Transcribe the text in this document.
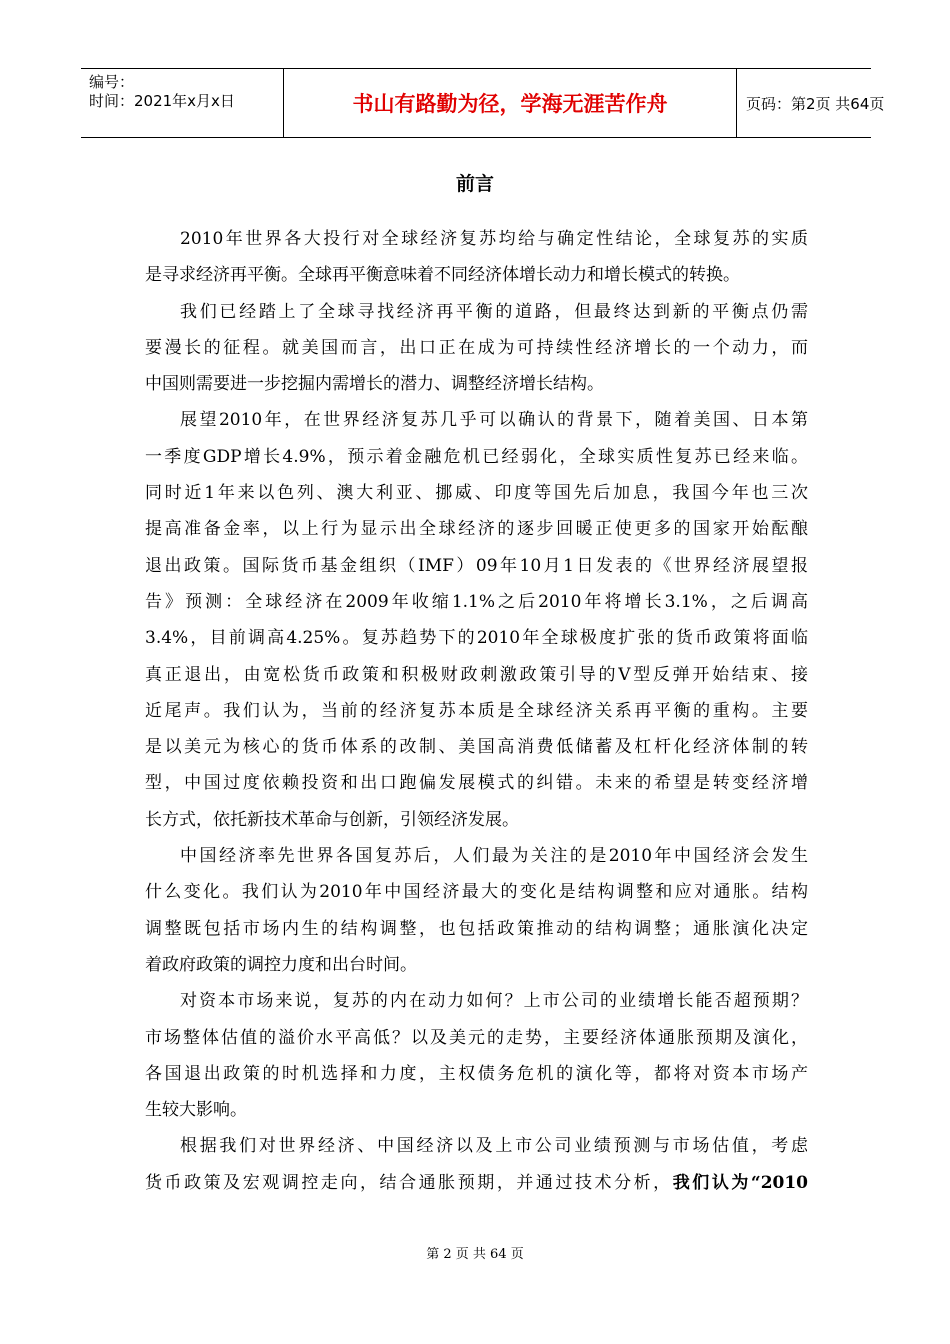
编号：
时间：2021年x月x日	书山有路勤为径，学海无涯苦作舟	页码：第2页 共64页
前言
2010年世界各大投行对全球经济复苏均给与确定性结论，全球复苏的实质
是寻求经济再平衡。全球再平衡意味着不同经济体增长动力和增长模式的转换。
我们已经踏上了全球寻找经济再平衡的道路，但最终达到新的平衡点仍需
要漫长的征程。就美国而言，出口正在成为可持续性经济增长的一个动力，而
中国则需要进一步挖掘内需增长的潜力、调整经济增长结构。
展望2010年，在世界经济复苏几乎可以确认的背景下，随着美国、日本第
一季度GDP增长4.9%，预示着金融危机已经弱化，全球实质性复苏已经来临。
同时近1年来以色列、澳大利亚、挪威、印度等国先后加息，我国今年也三次
提高准备金率，以上行为显示出全球经济的逐步回暖正使更多的国家开始酝酿
退出政策。国际货币基金组织（IMF）09年10月1日发表的《世界经济展望报
告》预测：全球经济在2009年收缩1.1%之后2010年将增长3.1%，之后调高
3.4%，目前调高4.25%。复苏趋势下的2010年全球极度扩张的货币政策将面临
真正退出，由宽松货币政策和积极财政刺激政策引导的V型反弹开始结束、接
近尾声。我们认为，当前的经济复苏本质是全球经济关系再平衡的重构。主要
是以美元为核心的货币体系的改制、美国高消费低储蓄及杠杆化经济体制的转
型，中国过度依赖投资和出口跑偏发展模式的纠错。未来的希望是转变经济增
长方式，依托新技术革命与创新，引领经济发展。
中国经济率先世界各国复苏后，人们最为关注的是2010年中国经济会发生
什么变化。我们认为2010年中国经济最大的变化是结构调整和应对通胀。结构
调整既包括市场内生的结构调整，也包括政策推动的结构调整；通胀演化决定
着政府政策的调控力度和出台时间。
对资本市场来说，复苏的内在动力如何？上市公司的业绩增长能否超预期？
市场整体估值的溢价水平高低？以及美元的走势，主要经济体通胀预期及演化，
各国退出政策的时机选择和力度，主权债务危机的演化等，都将对资本市场产
生较大影响。
根据我们对世界经济、中国经济以及上市公司业绩预测与市场估值，考虑
货币政策及宏观调控走向，结合通胀预期，并通过技术分析，我们认为“2010
第 2 页 共 64 页
